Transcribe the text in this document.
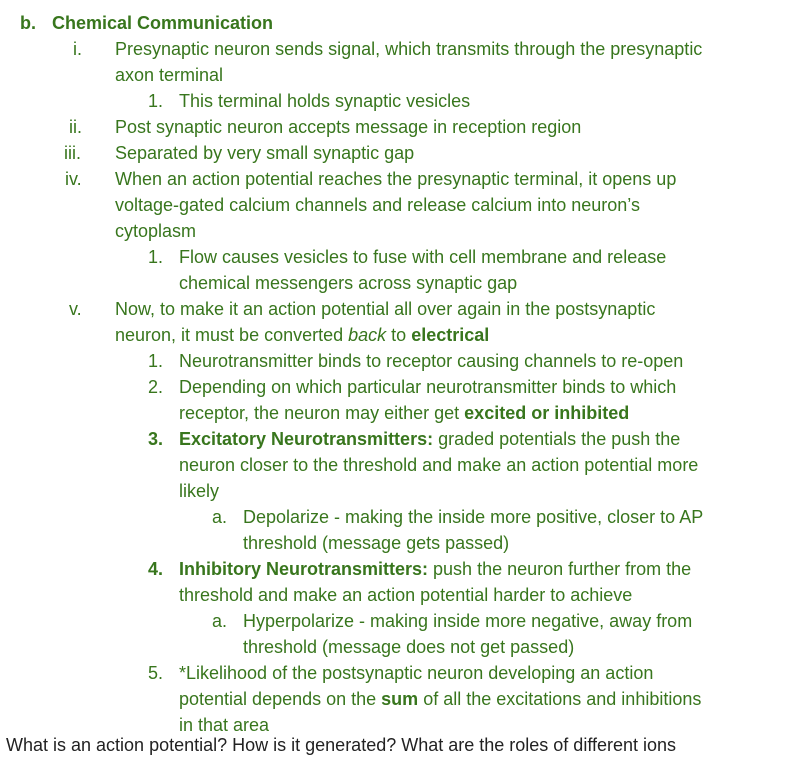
b. Chemical Communication
i. Presynaptic neuron sends signal, which transmits through the presynaptic
axon terminal
1. This terminal holds synaptic vesicles
ii. Post synaptic neuron accepts message in reception region
iii. Separated by very small synaptic gap
iv. When an action potential reaches the presynaptic terminal, it opens up
voltage-gated calcium channels and release calcium into neuron’s
cytoplasm
1. Flow causes vesicles to fuse with cell membrane and release
chemical messengers across synaptic gap
v. Now, to make it an action potential all over again in the postsynaptic
neuron, it must be converted back to electrical
1. Neurotransmitter binds to receptor causing channels to re-open
2. Depending on which particular neurotransmitter binds to which
receptor, the neuron may either get excited or inhibited
3. Excitatory Neurotransmitters: graded potentials the push the
neuron closer to the threshold and make an action potential more
likely
a. Depolarize - making the inside more positive, closer to AP
threshold (message gets passed)
4. Inhibitory Neurotransmitters: push the neuron further from the
threshold and make an action potential harder to achieve
a. Hyperpolarize - making inside more negative, away from
threshold (message does not get passed)
5. *Likelihood of the postsynaptic neuron developing an action
potential depends on the sum of all the excitations and inhibitions
in that area
What is an action potential? How is it generated? What are the roles of different ions
